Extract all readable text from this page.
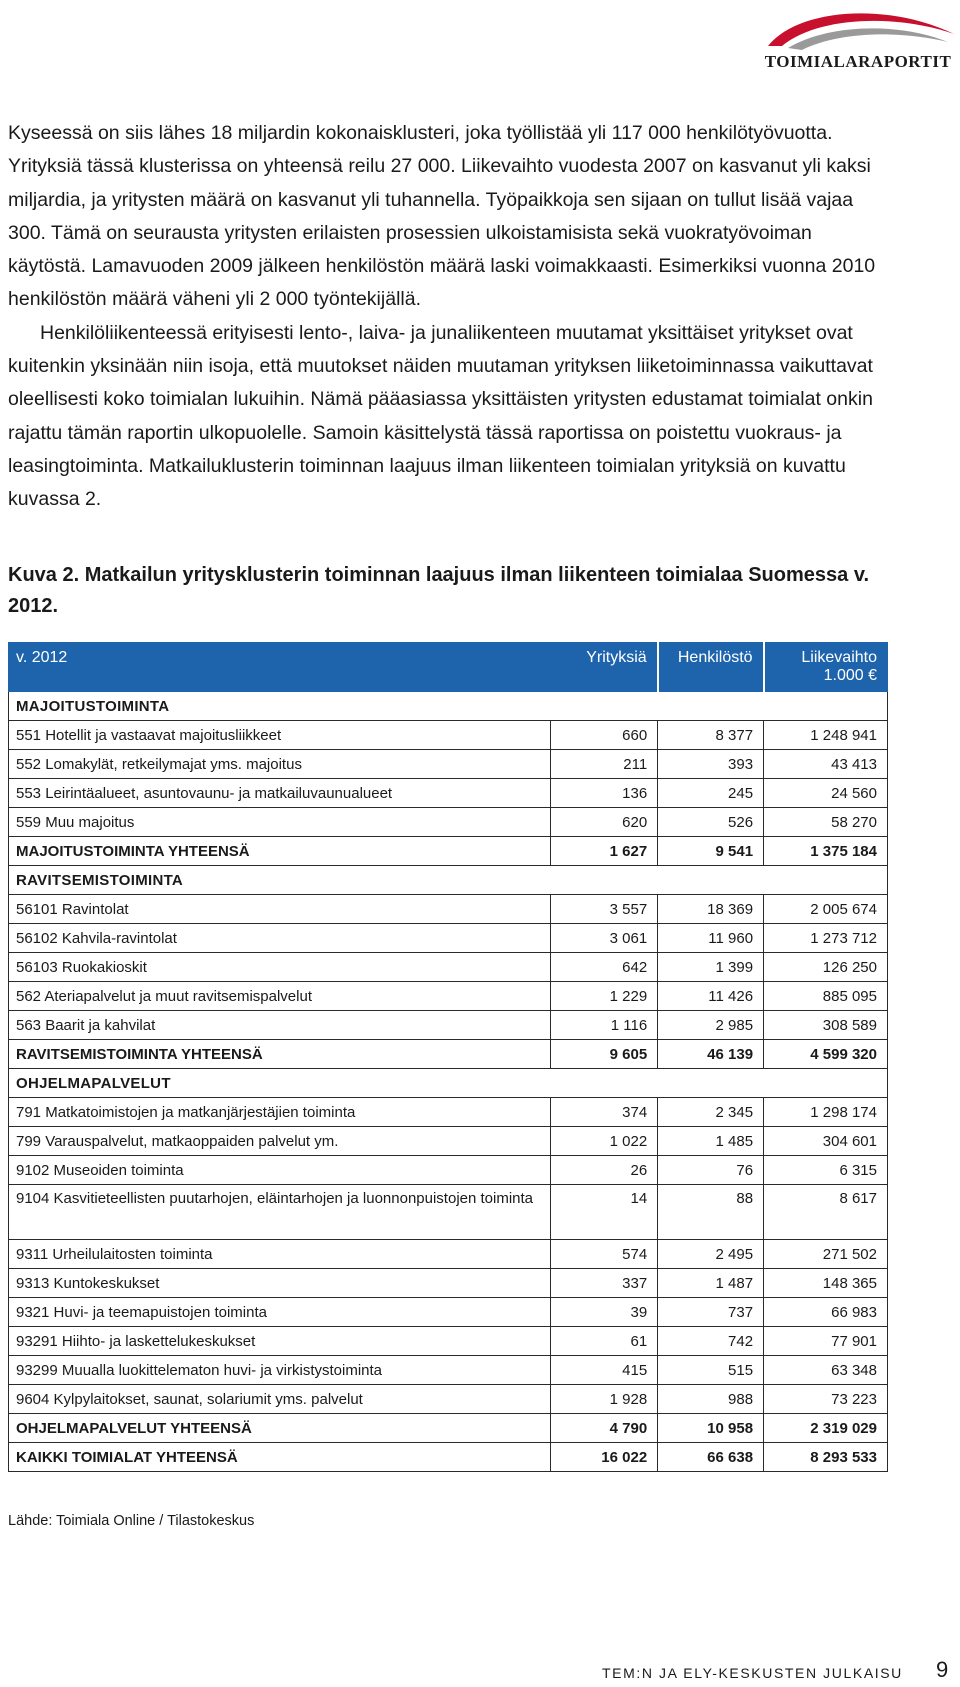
TOIMIALARAPORTIT

Kyseessä on siis lähes 18 miljardin kokonaisklusteri, joka työllistää yli 117 000 henkilötyövuotta. Yrityksiä tässä klusterissa on yhteensä reilu 27 000. Liikevaihto vuodesta 2007 on kasvanut yli kaksi miljardia, ja yritysten määrä on kasvanut yli tuhannella. Työpaikkoja sen sijaan on tullut lisää vajaa 300. Tämä on seurausta yritysten erilaisten prosessien ulkoistamisista sekä vuokratyövoiman käytöstä. Lamavuoden 2009 jälkeen henkilöstön määrä laski voimakkaasti. Esimerkiksi vuonna 2010 henkilöstön määrä väheni yli 2 000 työntekijällä.

Henkilöliikenteessä erityisesti lento-, laiva- ja junaliikenteen muutamat yksittäiset yritykset ovat kuitenkin yksinään niin isoja, että muutokset näiden muutaman yrityksen liiketoiminnassa vaikuttavat oleellisesti koko toimialan lukuihin. Nämä pääasiassa yksittäisten yritysten edustamat toimialat onkin rajattu tämän raportin ulkopuolelle. Samoin käsittelystä tässä raportissa on poistettu vuokraus- ja leasingtoiminta. Matkailuklusterin toiminnan laajuus ilman liikenteen toimialan yrityksiä on kuvattu kuvassa 2.

Kuva 2. Matkailun yritysklusterin toiminnan laajuus ilman liikenteen toimialaa Suomessa v. 2012.
v. 2012	Yrityksiä	Henkilöstö	Liikevaihto
1.000 €

MAJOITUSTOIMINTA			
551 Hotellit ja vastaavat majoitusliikkeet	660	8 377	1 248 941
552 Lomakylät, retkeilymajat yms. majoitus	211	393	43 413
553 Leirintäalueet, asuntovaunu- ja matkailuvaunualueet	136	245	24 560
559 Muu majoitus	620	526	58 270
MAJOITUSTOIMINTA YHTEENSÄ	1 627	9 541	1 375 184
RAVITSEMISTOIMINTA			
56101 Ravintolat	3 557	18 369	2 005 674
56102 Kahvila-ravintolat	3 061	11 960	1 273 712
56103 Ruokakioskit	642	1 399	126 250
562 Ateriapalvelut ja muut ravitsemispalvelut	1 229	11 426	885 095
563 Baarit ja kahvilat	1 116	2 985	308 589
RAVITSEMISTOIMINTA YHTEENSÄ	9 605	46 139	4 599 320
OHJELMAPALVELUT			
791 Matkatoimistojen ja matkanjärjestäjien toiminta	374	2 345	1 298 174
799 Varauspalvelut, matkaoppaiden palvelut ym.	1 022	1 485	304 601
9102 Museoiden toiminta	26	76	6 315
9104 Kasvitieteellisten puutarhojen, eläintarhojen ja luonnonpuistojen toiminta	14	88	8 617
9311 Urheilulaitosten toiminta	574	2 495	271 502
9313 Kuntokeskukset	337	1 487	148 365
9321 Huvi- ja teemapuistojen toiminta	39	737	66 983
93291 Hiihto- ja laskettelukeskukset	61	742	77 901
93299 Muualla luokittelematon huvi- ja virkistystoiminta	415	515	63 348
9604 Kylpylaitokset, saunat, solariumit yms. palvelut	1 928	988	73 223
OHJELMAPALVELUT YHTEENSÄ	4 790	10 958	2 319 029
KAIKKI TOIMIALAT YHTEENSÄ	16 022	66 638	8 293 533
Lähde: Toimiala Online / Tilastokeskus
TEM:N JA ELY-KESKUSTEN JULKAISU 9
